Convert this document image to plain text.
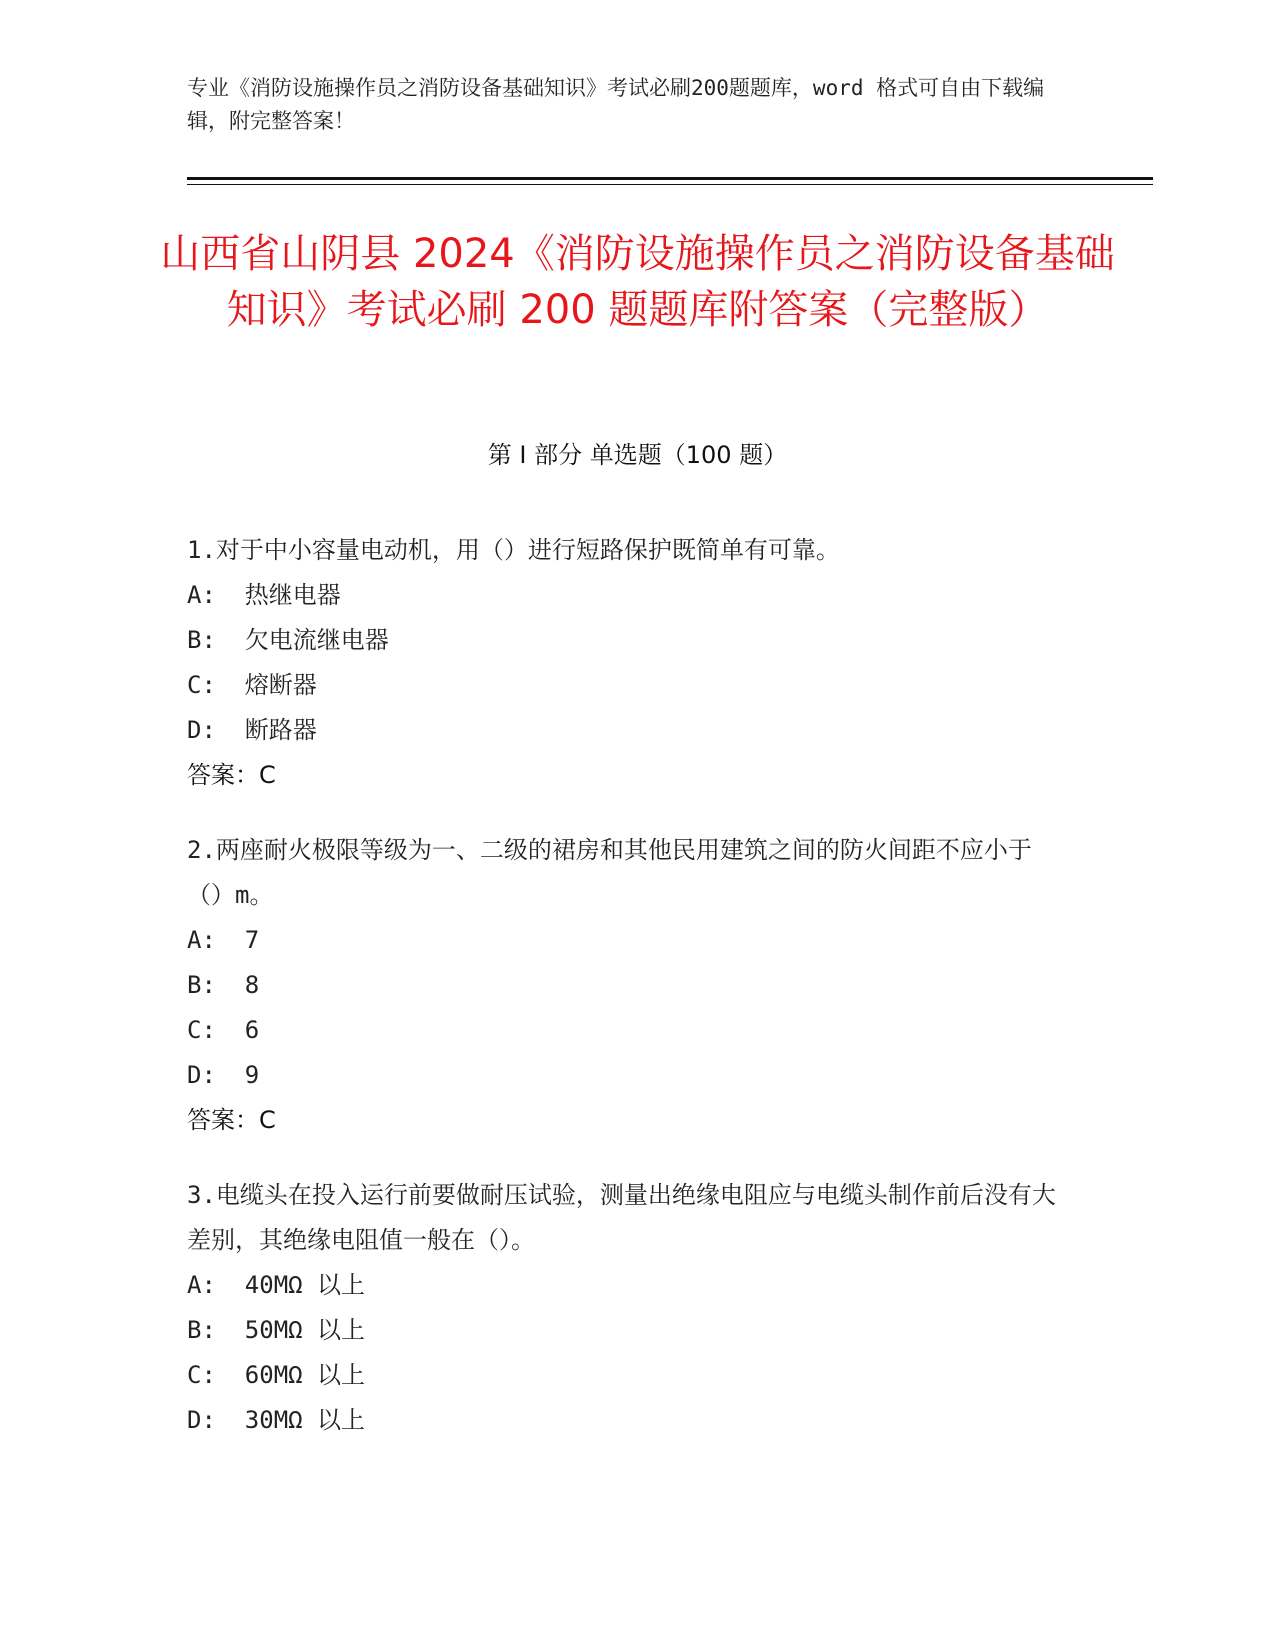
专业《消防设施操作员之消防设备基础知识》考试必刷200题题库，word 格式可自由下载编辑，附完整答案！
山西省山阴县 2024《消防设施操作员之消防设备基础知识》考试必刷 200 题题库附答案（完整版）
第 I 部分 单选题（100 题）
1.对于中小容量电动机，用（）进行短路保护既简单有可靠。
A:  热继电器
B:  欠电流继电器
C:  熔断器
D:  断路器
答案：C
2.两座耐火极限等级为一、二级的裙房和其他民用建筑之间的防火间距不应小于（）m。
A:  7
B:  8
C:  6
D:  9
答案：C
3.电缆头在投入运行前要做耐压试验，测量出绝缘电阻应与电缆头制作前后没有大差别，其绝缘电阻值一般在（）。
A:  40MΩ 以上
B:  50MΩ 以上
C:  60MΩ 以上
D:  30MΩ 以上
